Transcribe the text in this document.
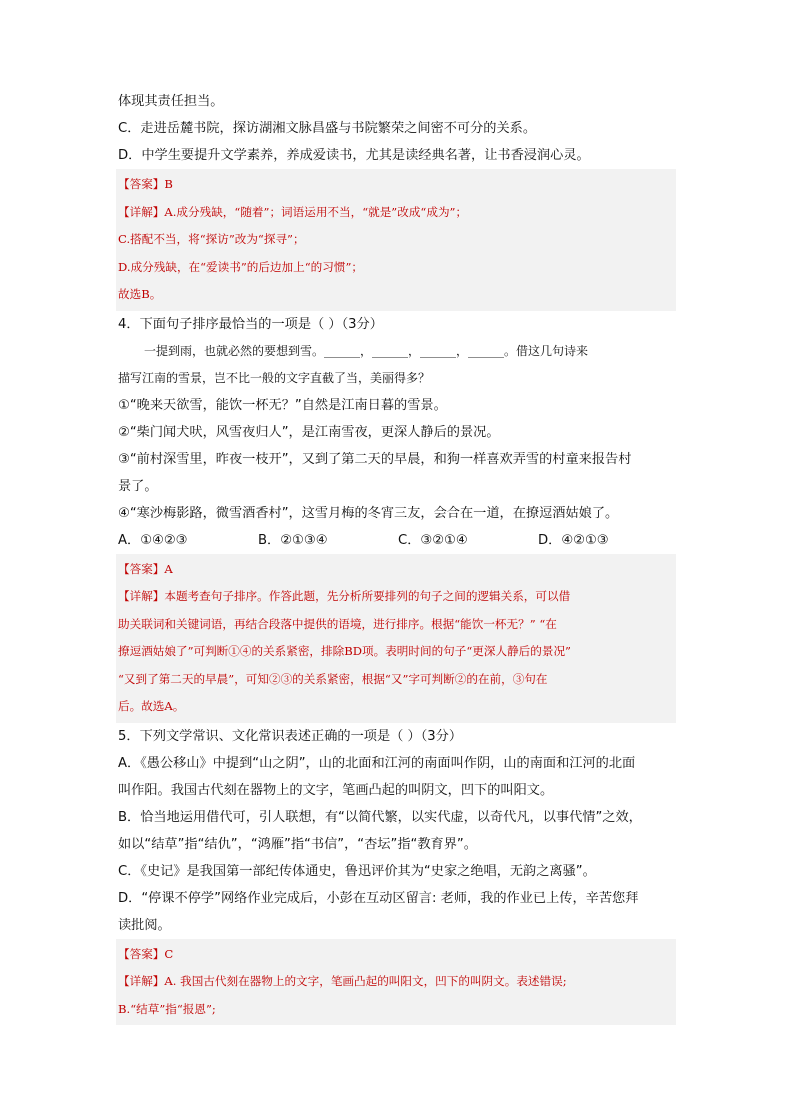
体现其责任担当。
C．走进岳麓书院，探访湖湘文脉昌盛与书院繁荣之间密不可分的关系。
D．中学生要提升文学素养，养成爱读书，尤其是读经典名著，让书香浸润心灵。
【答案】B
【详解】A.成分残缺，“随着”；词语运用不当，“就是”改成“成为”；
C.搭配不当，将“探访”改为“探寻”；
D.成分残缺，在“爱读书”的后边加上“的习惯”；
故选B。
4．下面句子排序最恰当的一项是（ ）（3分）
一提到雨，也就必然的要想到雪。______，______，______，______。借这几句诗来
描写江南的雪景，岂不比一般的文字直截了当，美丽得多？
①“晚来天欲雪，能饮一杯无？”自然是江南日暮的雪景。
②“柴门闻犬吠，风雪夜归人”，是江南雪夜，更深人静后的景况。
③“前村深雪里，昨夜一枝开”，又到了第二天的早晨，和狗一样喜欢弄雪的村童来报告村
景了。
④“寒沙梅影路，微雪酒香村”，这雪月梅的冬宵三友，会合在一道，在撩逗酒姑娘了。
A．①④②③	B．②①③④	C．③②①④	D．④②①③
【答案】A
【详解】本题考查句子排序。作答此题，先分析所要排列的句子之间的逻辑关系，可以借
助关联词和关键词语，再结合段落中提供的语境，进行排序。根据“能饮一杯无？” “在
撩逗酒姑娘了”可判断①④的关系紧密，排除BD项。表明时间的句子“更深人静后的景况”
“又到了第二天的早晨”，可知②③的关系紧密，根据“又”字可判断②的在前，③句在
后。故选A。
5．下列文学常识、文化常识表述正确的一项是（ ）（3分）
A．《愚公移山》中提到“山之阴”，山的北面和江河的南面叫作阴，山的南面和江河的北面
叫作阳。我国古代刻在器物上的文字，笔画凸起的叫阴文，凹下的叫阳文。
B．恰当地运用借代可，引人联想，有“以简代繁，以实代虚，以奇代凡，以事代情”之效，
如以“结草”指“结仇”，“鸿雁”指“书信”，“杏坛”指“教育界”。
C．《史记》是我国第一部纪传体通史，鲁迅评价其为“史家之绝唱，无韵之离骚”。
D．“停课不停学”网络作业完成后，小彭在互动区留言: 老师，我的作业已上传，辛苦您拜
读批阅。
【答案】C
【详解】A. 我国古代刻在器物上的文字，笔画凸起的叫阳文，凹下的叫阴文。表述错误;
B.“结草”指“报恩”;
